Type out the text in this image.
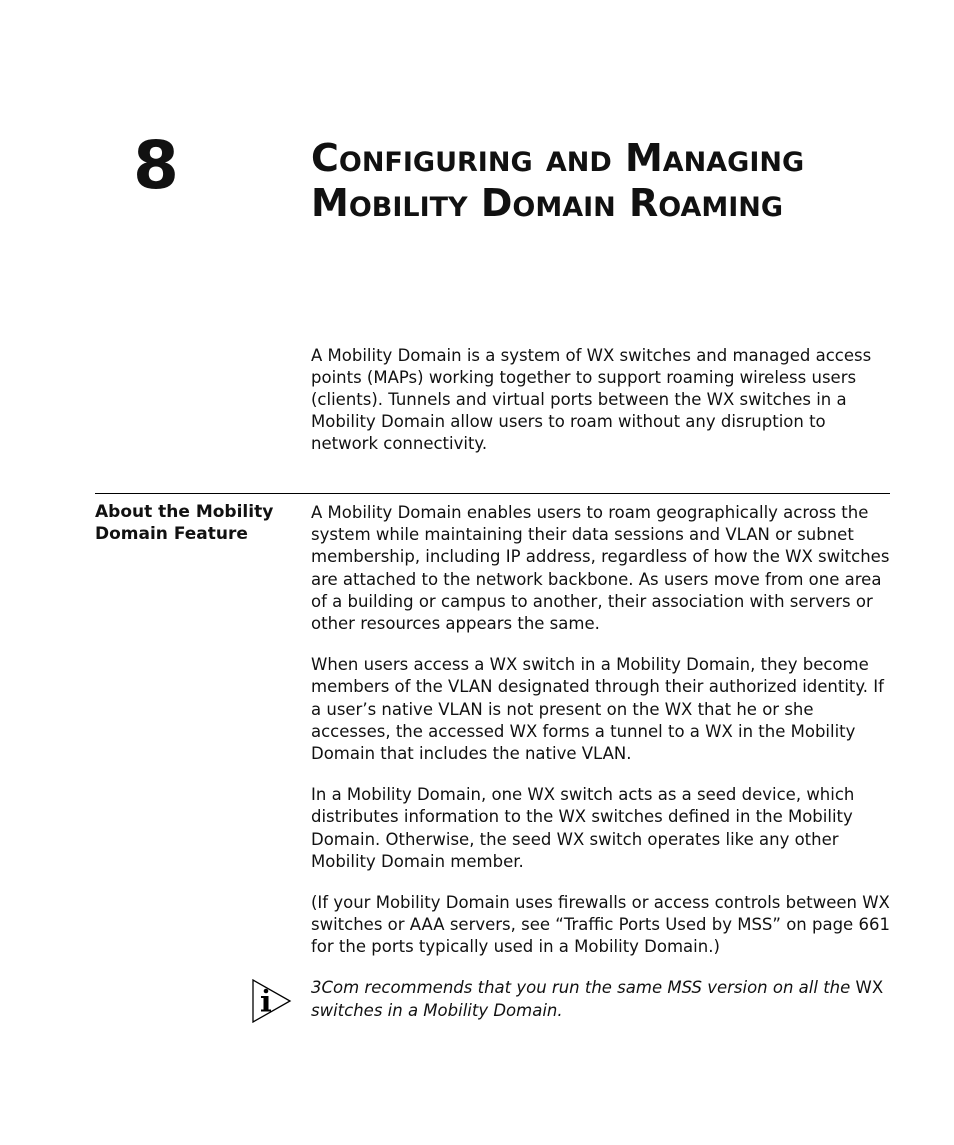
8	Configuring and Managing
Mobility Domain Roaming

A Mobility Domain is a system of WX switches and managed access points (MAPs) working together to support roaming wireless users (clients). Tunnels and virtual ports between the WX switches in a Mobility Domain allow users to roam without any disruption to network connectivity.

About the Mobility
Domain Feature

A Mobility Domain enables users to roam geographically across the system while maintaining their data sessions and VLAN or subnet membership, including IP address, regardless of how the WX switches are attached to the network backbone. As users move from one area of a building or campus to another, their association with servers or other resources appears the same.

When users access a WX switch in a Mobility Domain, they become members of the VLAN designated through their authorized identity. If a user’s native VLAN is not present on the WX that he or she accesses, the accessed WX forms a tunnel to a WX in the Mobility Domain that includes the native VLAN.

In a Mobility Domain, one WX switch acts as a seed device, which distributes information to the WX switches defined in the Mobility Domain. Otherwise, the seed WX switch operates like any other Mobility Domain member.

(If your Mobility Domain uses firewalls or access controls between WX switches or AAA servers, see “Traffic Ports Used by MSS” on page 661 for the ports typically used in a Mobility Domain.)

3Com recommends that you run the same MSS version on all the WX switches in a Mobility Domain.
